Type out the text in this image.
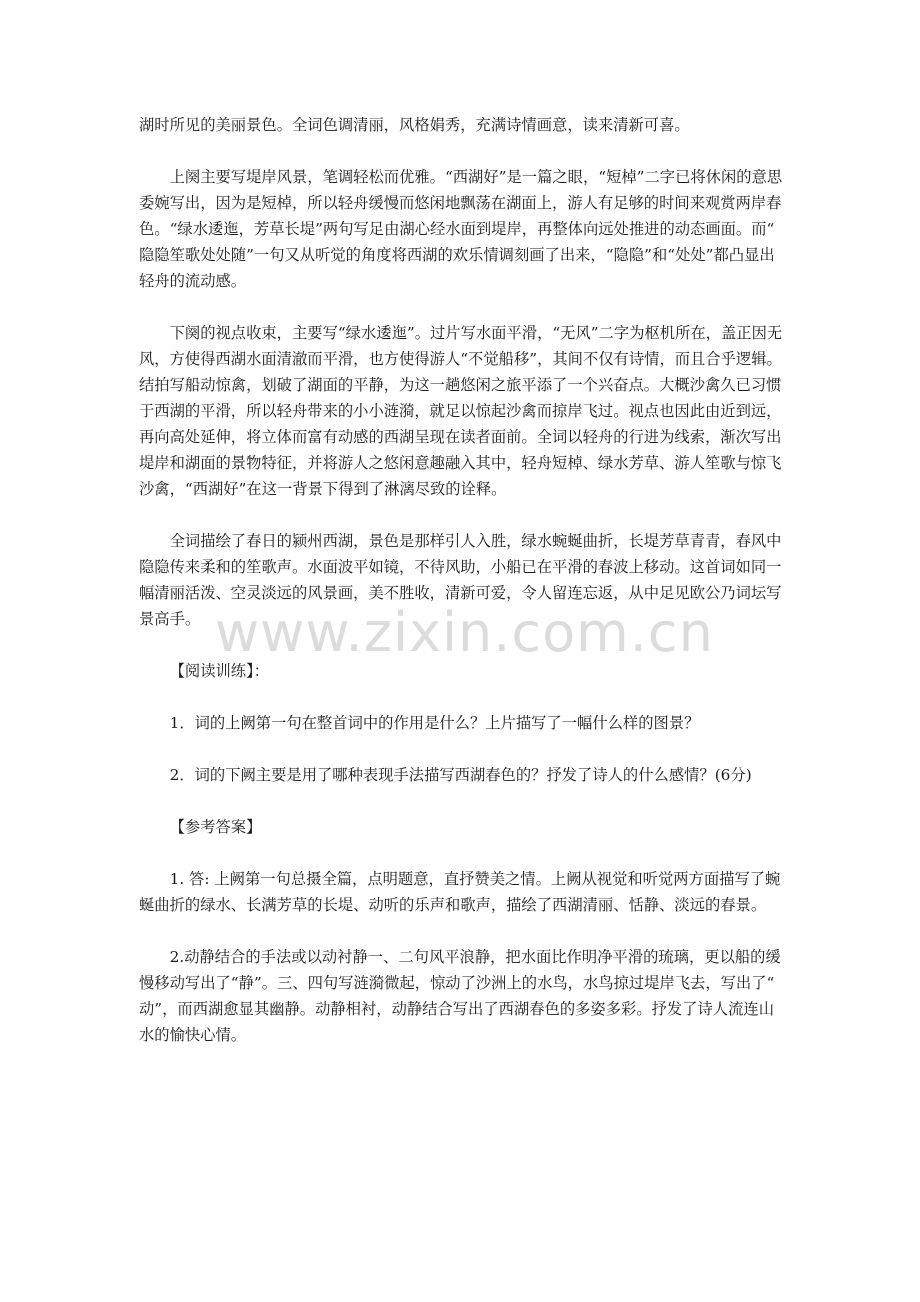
湖时所见的美丽景色。全词色调清丽，风格娟秀，充满诗情画意，读来清新可喜。

上阕主要写堤岸风景，笔调轻松而优雅。“西湖好”是一篇之眼，“短棹”二字已将休闲的意思委婉写出，因为是短棹，所以轻舟缓慢而悠闲地飘荡在湖面上，游人有足够的时间来观赏两岸春色。“绿水逶迤，芳草长堤”两句写足由湖心经水面到堤岸，再整体向远处推进的动态画面。而“隐隐笙歌处处随”一句又从听觉的角度将西湖的欢乐情调刻画了出来，“隐隐”和“处处”都凸显出轻舟的流动感。

下阕的视点收束，主要写“绿水逶迤”。过片写水面平滑，“无风”二字为枢机所在，盖正因无风，方使得西湖水面清澈而平滑，也方使得游人“不觉船移”，其间不仅有诗情，而且合乎逻辑。结拍写船动惊禽，划破了湖面的平静，为这一趟悠闲之旅平添了一个兴奋点。大概沙禽久已习惯于西湖的平滑，所以轻舟带来的小小涟漪，就足以惊起沙禽而掠岸飞过。视点也因此由近到远，再向高处延伸，将立体而富有动感的西湖呈现在读者面前。全词以轻舟的行进为线索，渐次写出堤岸和湖面的景物特征，并将游人之悠闲意趣融入其中，轻舟短棹、绿水芳草、游人笙歌与惊飞沙禽，“西湖好”在这一背景下得到了淋漓尽致的诠释。

全词描绘了春日的颍州西湖，景色是那样引人入胜，绿水蜿蜒曲折，长堤芳草青青，春风中隐隐传来柔和的笙歌声。水面波平如镜，不待风助，小船已在平滑的春波上移动。这首词如同一幅清丽活泼、空灵淡远的风景画，美不胜收，清新可爱，令人留连忘返，从中足见欧公乃词坛写景高手。

【阅读训练】：

1．词的上阙第一句在整首词中的作用是什么？上片描写了一幅什么样的图景？

2．词的下阙主要是用了哪种表现手法描写西湖春色的？抒发了诗人的什么感情？(6分)

【参考答案】

1. 答: 上阙第一句总摄全篇，点明题意，直抒赞美之情。上阙从视觉和听觉两方面描写了蜿蜒曲折的绿水、长满芳草的长堤、动听的乐声和歌声，描绘了西湖清丽、恬静、淡远的春景。

2.动静结合的手法或以动衬静一、二句风平浪静，把水面比作明净平滑的琉璃，更以船的缓慢移动写出了“静”。三、四句写涟漪微起，惊动了沙洲上的水鸟，水鸟掠过堤岸飞去，写出了“动”，而西湖愈显其幽静。动静相衬，动静结合写出了西湖春色的多姿多彩。抒发了诗人流连山水的愉快心情。

www.zixin.com.cn
